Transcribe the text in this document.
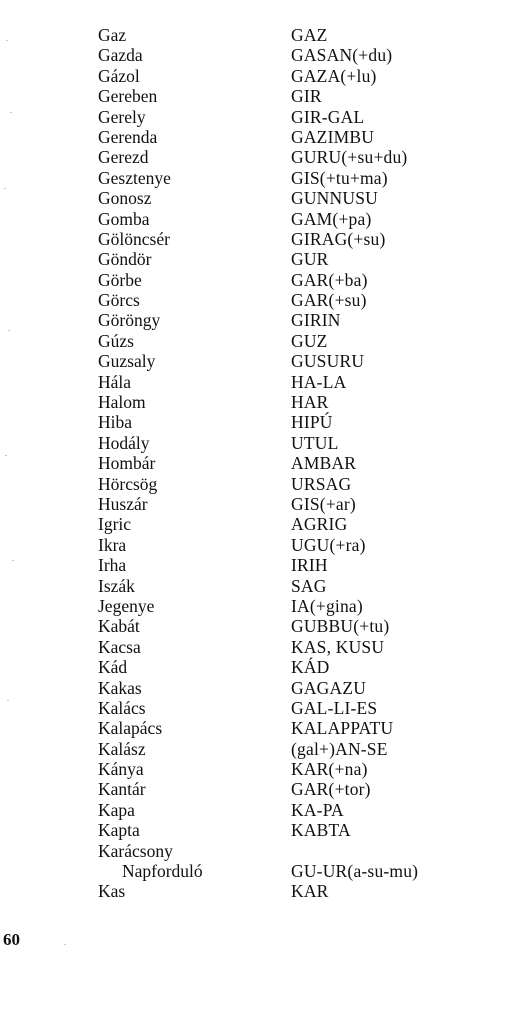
Gaz	GAZ
Gazda	GASAN(+du)
Gázol	GAZA(+lu)
Gereben	GIR
Gerely	GIR-GAL
Gerenda	GAZIMBU
Gerezd	GURU(+su+du)
Gesztenye	GIS(+tu+ma)
Gonosz	GUNNUSU
Gomba	GAM(+pa)
Gölöncsér	GIRAG(+su)
Göndör	GUR
Görbe	GAR(+ba)
Görcs	GAR(+su)
Göröngy	GIRIN
Gúzs	GUZ
Guzsaly	GUSURU
Hála	HA-LA
Halom	HAR
Hiba	HIPÚ
Hodály	UTUL
Hombár	AMBAR
Hörcsög	URSAG
Huszár	GIS(+ar)
Igric	AGRIG
Ikra	UGU(+ra)
Irha	IRIH
Iszák	SAG
Jegenye	IA(+gina)
Kabát	GUBBU(+tu)
Kacsa	KAS, KUSU
Kád	KÁD
Kakas	GAGAZU
Kalács	GAL-LI-ES
Kalapács	KALAPPATU
Kalász	(gal+)AN-SE
Kánya	KAR(+na)
Kantár	GAR(+tor)
Kapa	KA-PA
Kapta	KABTA
Karácsony
Napforduló	GU-UR(a-su-mu)
Kas	KAR
60
